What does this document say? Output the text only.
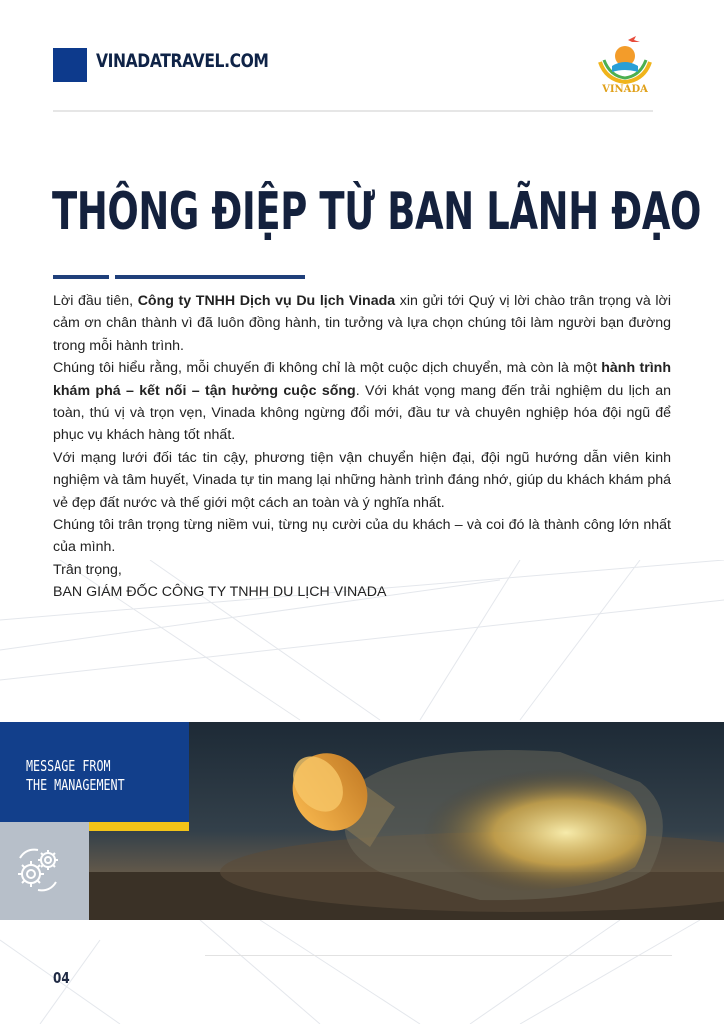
VINADATRAVEL.COM
VINADA
THÔNG ĐIỆP TỪ BAN LÃNH ĐẠO

Lời đầu tiên, Công ty TNHH Dịch vụ Du lịch Vinada xin gửi tới Quý vị lời chào trân trọng và lời cảm ơn chân thành vì đã luôn đồng hành, tin tưởng và lựa chọn chúng tôi làm người bạn đường trong mỗi hành trình.

Chúng tôi hiểu rằng, mỗi chuyến đi không chỉ là một cuộc dịch chuyển, mà còn là một hành trình khám phá – kết nối – tận hưởng cuộc sống. Với khát vọng mang đến trải nghiệm du lịch an toàn, thú vị và trọn vẹn, Vinada không ngừng đổi mới, đầu tư và chuyên nghiệp hóa đội ngũ để phục vụ khách hàng tốt nhất.

Với mạng lưới đối tác tin cậy, phương tiện vận chuyển hiện đại, đội ngũ hướng dẫn viên kinh nghiệm và tâm huyết, Vinada tự tin mang lại những hành trình đáng nhớ, giúp du khách khám phá vẻ đẹp đất nước và thế giới một cách an toàn và ý nghĩa nhất.

Chúng tôi trân trọng từng niềm vui, từng nụ cười của du khách – và coi đó là thành công lớn nhất của mình.

Trân trọng,

BAN GIÁM ĐỐC CÔNG TY TNHH DU LỊCH VINADA

MESSAGE FROM
THE MANAGEMENT
04
